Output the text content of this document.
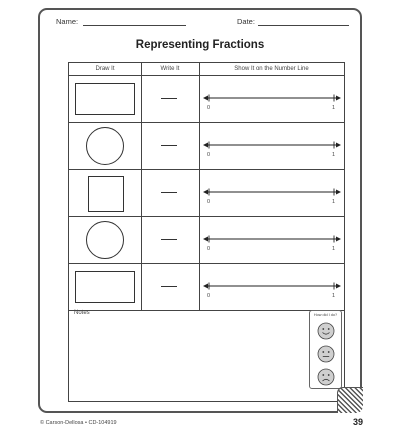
Name:	Date:
Representing Fractions
Draw It	Write It	Show It on the Number Line
0	1
0	1
0	1
0	1
0	1
Notes	How did I do?
© Carson-Dellosa • CD-104919	39
